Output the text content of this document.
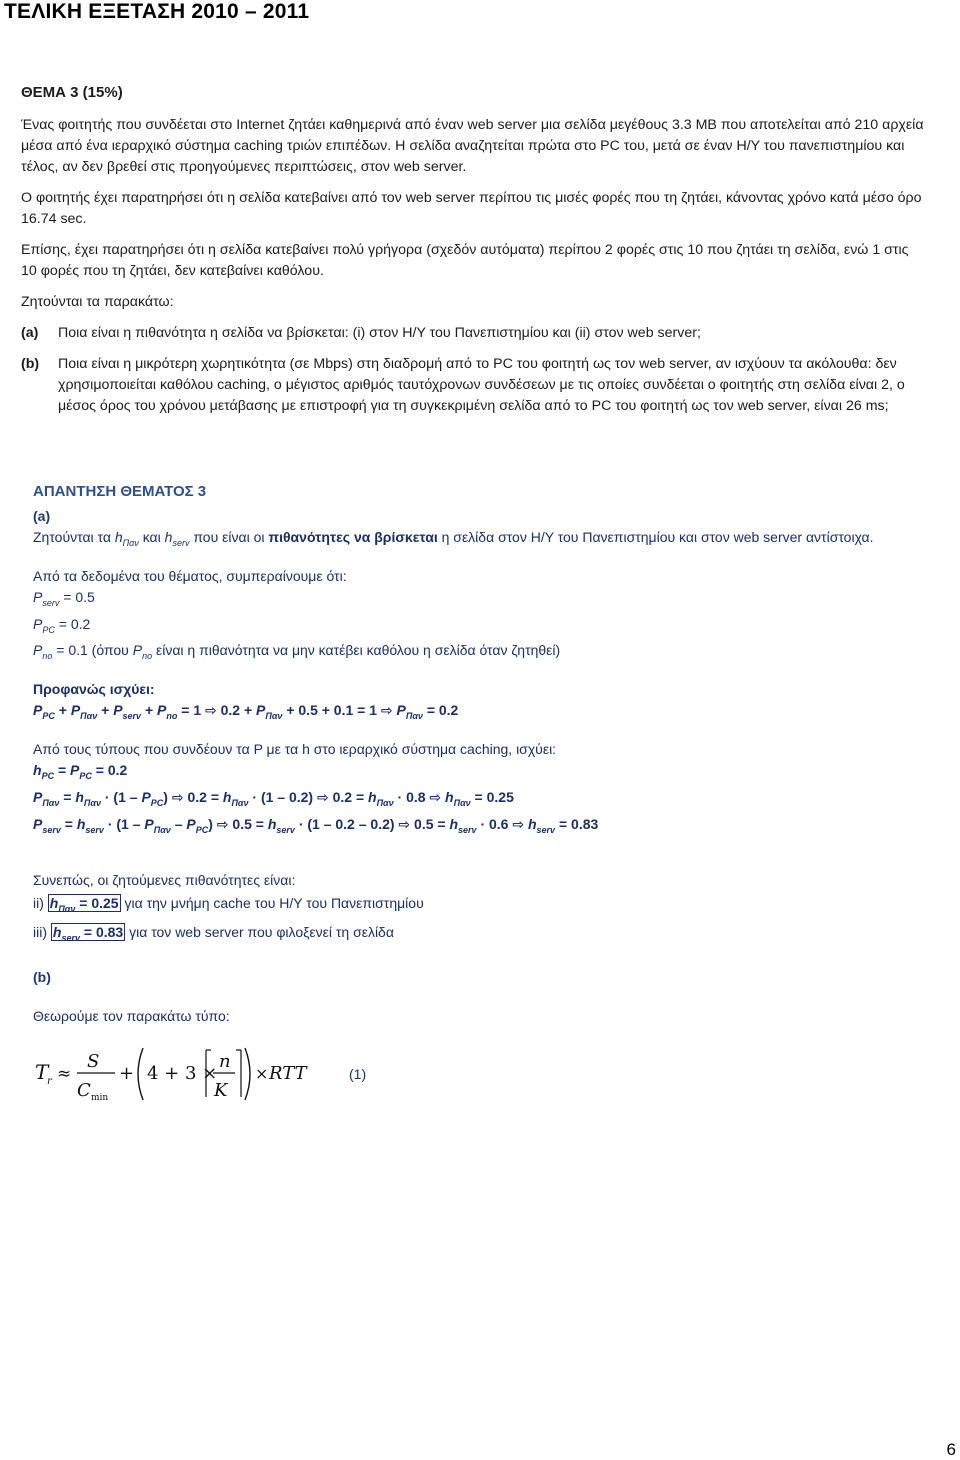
ΤΕΛΙΚΗ ΕΞΕΤΑΣΗ 2010 – 2011
ΘΕΜΑ 3 (15%)

Ένας φοιτητής που συνδέεται στο Internet ζητάει καθημερινά από έναν web server μια σελίδα μεγέθους 3.3 MB που αποτελείται από 210 αρχεία μέσα από ένα ιεραρχικό σύστημα caching τριών επιπέδων. Η σελίδα αναζητείται πρώτα στο PC του, μετά σε έναν Η/Υ του πανεπιστημίου και τέλος, αν δεν βρεθεί στις προηγούμενες περιπτώσεις, στον web server.

Ο φοιτητής έχει παρατηρήσει ότι η σελίδα κατεβαίνει από τον web server περίπου τις μισές φορές που τη ζητάει, κάνοντας χρόνο κατά μέσο όρο 16.74 sec.

Επίσης, έχει παρατηρήσει ότι η σελίδα κατεβαίνει πολύ γρήγορα (σχεδόν αυτόματα) περίπου 2 φορές στις 10 που ζητάει τη σελίδα, ενώ 1 στις 10 φορές που τη ζητάει, δεν κατεβαίνει καθόλου.

Ζητούνται τα παρακάτω:

(a) Ποια είναι η πιθανότητα η σελίδα να βρίσκεται: (i) στον Η/Υ του Πανεπιστημίου και (ii) στον web server;
(b) Ποια είναι η μικρότερη χωρητικότητα (σε Mbps) στη διαδρομή από το PC του φοιτητή ως τον web server, αν ισχύουν τα ακόλουθα: δεν χρησιμοποιείται καθόλου caching, ο μέγιστος αριθμός ταυτόχρονων συνδέσεων με τις οποίες συνδέεται ο φοιτητής στη σελίδα είναι 2, ο μέσος όρος του χρόνου μετάβασης με επιστροφή για τη συγκεκριμένη σελίδα από το PC του φοιτητή ως τον web server, είναι 26 ms;
ΑΠΑΝΤΗΣΗ ΘΕΜΑΤΟΣ 3
(a)
Ζητούνται τα $h_{\Pi\alpha\nu}$ και $h_{serv}$ που είναι οι πιθανότητες να βρίσκεται η σελίδα στον Η/Υ του Πανεπιστημίου και στον web server αντίστοιχα.
Από τα δεδομένα του θέματος, συμπεραίνουμε ότι:
$P_{serv} = 0.5$
$P_{PC} = 0.2$
$P_{no} = 0.1$ (όπου $P_{no}$ είναι η πιθανότητα να μην κατέβει καθόλου η σελίδα όταν ζητηθεί)
Προφανώς ισχύει:
$P_{PC} + P_{\Pi\alpha\nu} + P_{serv} + P_{no} = 1$ ⇨ $0.2 + P_{\Pi\alpha\nu} + 0.5 + 0.1 = 1$ ⇨ $P_{\Pi\alpha\nu} = 0.2$
Από τους τύπους που συνδέουν τα P με τα h στο ιεραρχικό σύστημα caching, ισχύει:
$h_{PC} = P_{PC} = 0.2$
$P_{\Pi\alpha\nu} = h_{\Pi\alpha\nu} \cdot (1 - P_{PC})$ ⇨ $0.2 = h_{\Pi\alpha\nu} \cdot (1 - 0.2)$ ⇨ $0.2 = h_{\Pi\alpha\nu} \cdot 0.8$ ⇨ $h_{\Pi\alpha\nu} = 0.25$
$P_{serv} = h_{serv} \cdot (1 - P_{\Pi\alpha\nu} - P_{PC})$ ⇨ $0.5 = h_{serv} \cdot (1 - 0.2 - 0.2)$ ⇨ $0.5 = h_{serv} \cdot 0.6$ ⇨ $h_{serv} = 0.83$
Συνεπώς, οι ζητούμενες πιθανότητες είναι:
ii) $h_{\Pi\alpha\nu} = 0.25$ για την μνήμη cache του Η/Υ του Πανεπιστημίου
iii) $h_{serv} = 0.83$ για τον web server που φιλοξενεί τη σελίδα
(b)
Θεωρούμε τον παρακάτω τύπο:
T
r ≈
S
C min
+ 4 + 3 ×
n
K
× RTT	(1)
6
